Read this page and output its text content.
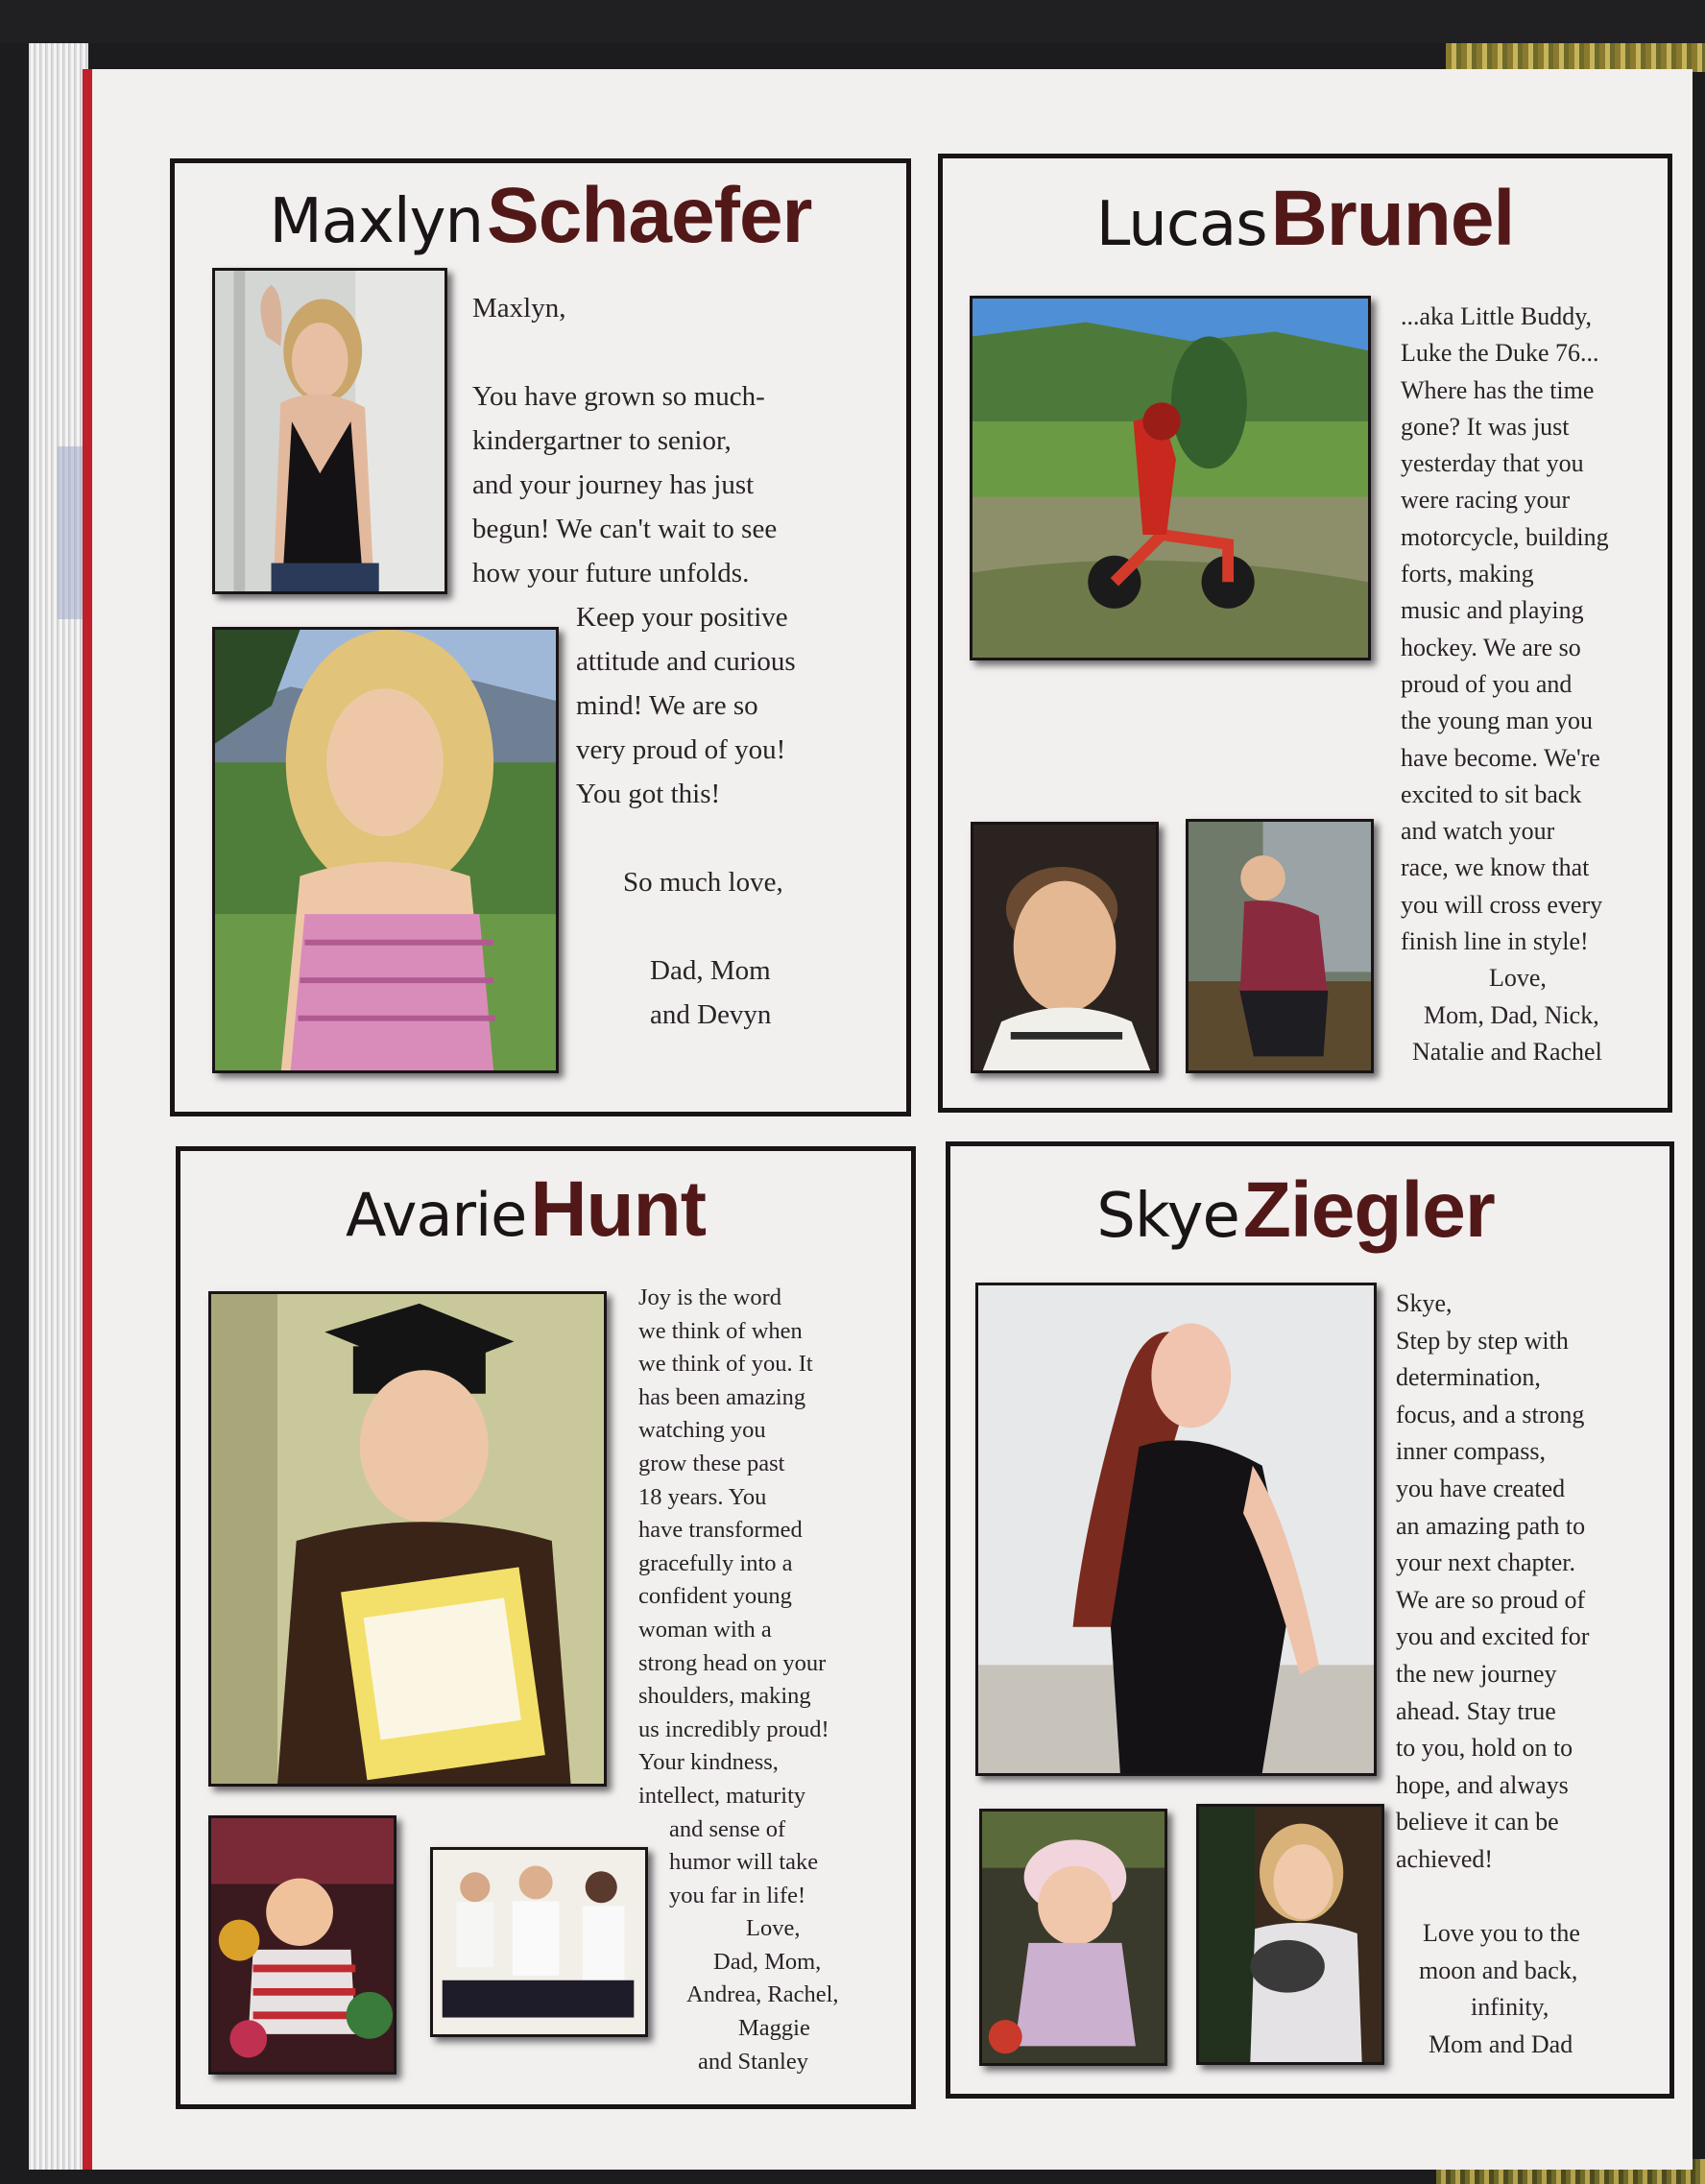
Maxlyn Schaefer
Maxlyn,

You have grown so much-
kindergartner to senior,
and your journey has just
begun! We can't wait to see
how your future unfolds.
Keep your positive
attitude and curious
mind! We are so
very proud of you!
You got this!

So much love,

Dad, Mom
and Devyn
Lucas Brunel
...aka Little Buddy,
Luke the Duke 76...
Where has the time
gone? It was just
yesterday that you
were racing your
motorcycle, building
forts, making
music and playing
hockey. We are so
proud of you and
the young man you
have become. We're
excited to sit back
and watch your
race, we know that
you will cross every
finish line in style!
Love,
Mom, Dad, Nick,
Natalie and Rachel
Avarie Hunt
Joy is the word
we think of when
we think of you. It
has been amazing
watching you
grow these past
18 years. You
have transformed
gracefully into a
confident young
woman with a
strong head on your
shoulders, making
us incredibly proud!
Your kindness,
intellect, maturity
and sense of
humor will take
you far in life!
Love,
Dad, Mom,
Andrea, Rachel,
Maggie
and Stanley
Skye Ziegler
Skye,
Step by step with
determination,
focus, and a strong
inner compass,
you have created
an amazing path to
your next chapter.
We are so proud of
you and excited for
the new journey
ahead. Stay true
to you, hold on to
hope, and always
believe it can be
achieved!

Love you to the
moon and back,
infinity,
Mom and Dad
